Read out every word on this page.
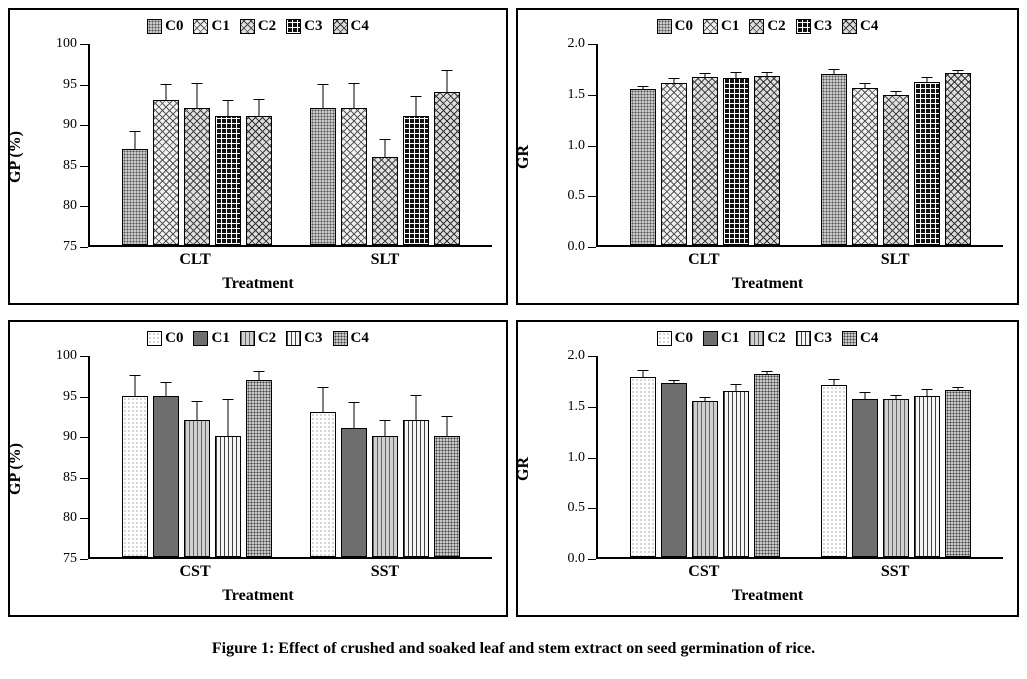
C0 C1 C2 C3 C4
GP (%)
75
80
85
90
95
100
CLT	SLT
Treatment
C0 C1 C2 C3 C4
GR
0.0
0.5
1.0
1.5
2.0
CLT	SLT
Treatment
C0 C1 C2 C3 C4
GP (%)
75
80
85
90
95
100
CST	SST
Treatment
C0 C1 C2 C3 C4
GR
0.0
0.5
1.0
1.5
2.0
CST	SST
Treatment
Figure 1: Effect of crushed and soaked leaf and stem extract on seed germination of rice.
